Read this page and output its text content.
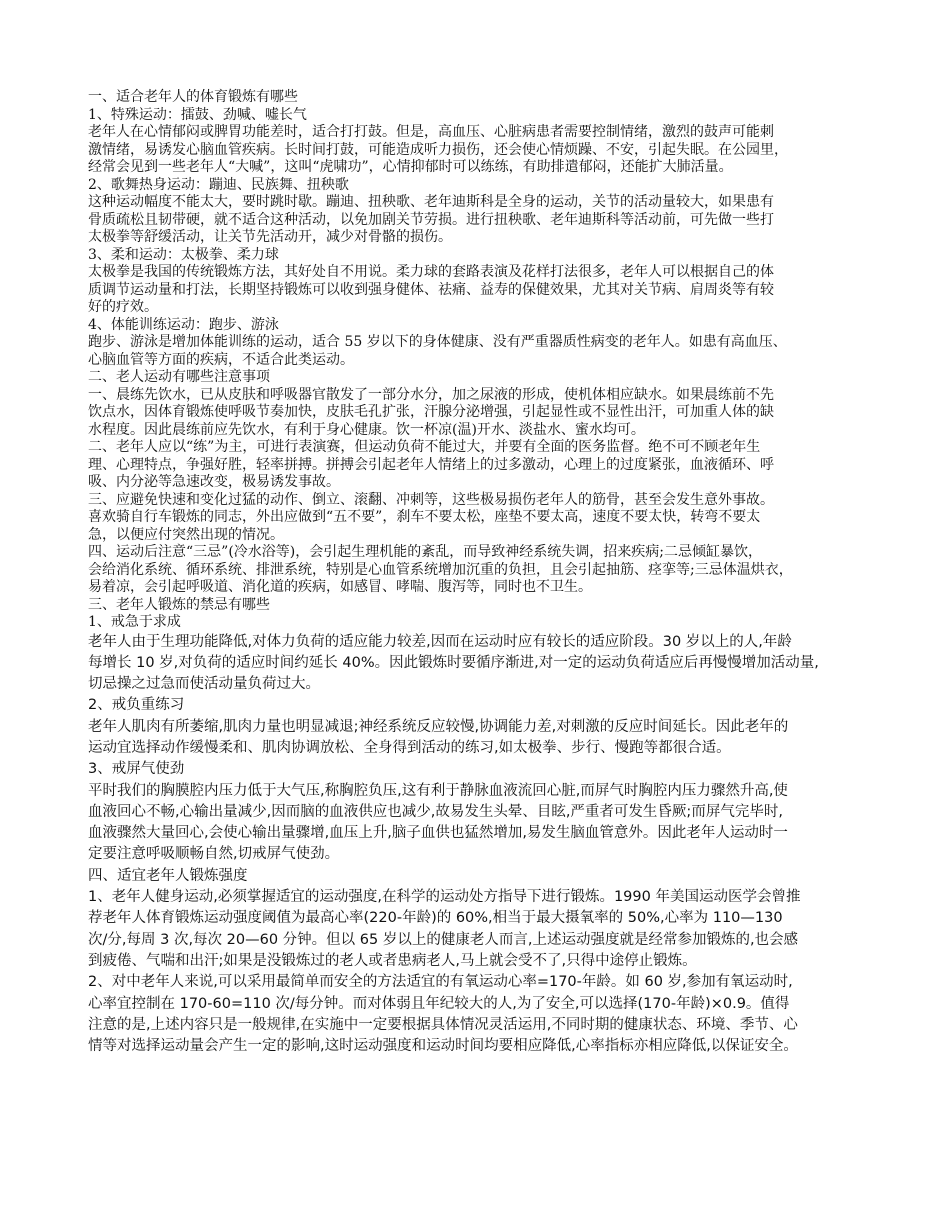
一、适合老年人的体育锻炼有哪些
1、特殊运动：擂鼓、劲喊、嘘长气
老年人在心情郁闷或脾胃功能差时，适合打打鼓。但是，高血压、心脏病患者需要控制情绪，激烈的鼓声可能刺
激情绪，易诱发心脑血管疾病。长时间打鼓，可能造成听力损伤，还会使心情烦躁、不安，引起失眠。在公园里，
经常会见到一些老年人“大喊”，这叫“虎啸功”，心情抑郁时可以练练，有助排遣郁闷，还能扩大肺活量。
2、歌舞热身运动：蹦迪、民族舞、扭秧歌
这种运动幅度不能太大，要时跳时歇。蹦迪、扭秧歌、老年迪斯科是全身的运动，关节的活动量较大，如果患有
骨质疏松且韧带硬，就不适合这种活动，以免加剧关节劳损。进行扭秧歌、老年迪斯科等活动前，可先做一些打
太极拳等舒缓活动，让关节先活动开，减少对骨骼的损伤。
3、柔和运动：太极拳、柔力球
太极拳是我国的传统锻炼方法，其好处自不用说。柔力球的套路表演及花样打法很多，老年人可以根据自己的体
质调节运动量和打法，长期坚持锻炼可以收到强身健体、祛痛、益寿的保健效果，尤其对关节病、肩周炎等有较
好的疗效。
4、体能训练运动：跑步、游泳
跑步、游泳是增加体能训练的运动，适合 55 岁以下的身体健康、没有严重器质性病变的老年人。如患有高血压、
心脑血管等方面的疾病，不适合此类运动。
二、老人运动有哪些注意事项
一、晨练先饮水，已从皮肤和呼吸器官散发了一部分水分，加之尿液的形成，使机体相应缺水。如果晨练前不先
饮点水，因体育锻炼使呼吸节奏加快，皮肤毛孔扩张，汗腺分泌增强，引起显性或不显性出汗，可加重人体的缺
水程度。因此晨练前应先饮水，有利于身心健康。饮一杯凉(温)开水、淡盐水、蜜水均可。
二、老年人应以“练”为主，可进行表演赛，但运动负荷不能过大，并要有全面的医务监督。绝不可不顾老年生
理、心理特点，争强好胜，轻率拼搏。拼搏会引起老年人情绪上的过多激动，心理上的过度紧张，血液循环、呼
吸、内分泌等急速改变，极易诱发事故。
三、应避免快速和变化过猛的动作、倒立、滚翻、冲刺等，这些极易损伤老年人的筋骨，甚至会发生意外事故。
喜欢骑自行车锻炼的同志，外出应做到“五不要”，刹车不要太松，座垫不要太高，速度不要太快，转弯不要太
急，以便应付突然出现的情况。
四、运动后注意“三忌”(冷水浴等)，会引起生理机能的紊乱，而导致神经系统失调，招来疾病;二忌倾缸暴饮，
会给消化系统、循环系统、排泄系统，特别是心血管系统增加沉重的负担，且会引起抽筋、痉挛等;三忌体温烘衣，
易着凉，会引起呼吸道、消化道的疾病，如感冒、哮喘、腹泻等，同时也不卫生。
三、老年人锻炼的禁忌有哪些
1、戒急于求成
老年人由于生理功能降低,对体力负荷的适应能力较差,因而在运动时应有较长的适应阶段。30 岁以上的人,年龄
每增长 10 岁,对负荷的适应时间约延长 40%。因此锻炼时要循序渐进,对一定的运动负荷适应后再慢慢增加活动量,
切忌操之过急而使活动量负荷过大。
2、戒负重练习
老年人肌肉有所萎缩,肌肉力量也明显减退;神经系统反应较慢,协调能力差,对刺激的反应时间延长。因此老年的
运动宜选择动作缓慢柔和、肌肉协调放松、全身得到活动的练习,如太极拳、步行、慢跑等都很合适。
3、戒屏气使劲
平时我们的胸膜腔内压力低于大气压,称胸腔负压,这有利于静脉血液流回心脏,而屏气时胸腔内压力骤然升高,使
血液回心不畅,心输出量减少,因而脑的血液供应也减少,故易发生头晕、目眩,严重者可发生昏厥;而屏气完毕时,
血液骤然大量回心,会使心输出量骤增,血压上升,脑子血供也猛然增加,易发生脑血管意外。因此老年人运动时一
定要注意呼吸顺畅自然,切戒屏气使劲。
四、适宜老年人锻炼强度
1、老年人健身运动,必须掌握适宜的运动强度,在科学的运动处方指导下进行锻炼。1990 年美国运动医学会曾推
荐老年人体育锻炼运动强度阈值为最高心率(220-年龄)的 60%,相当于最大摄氧率的 50%,心率为 110—130
次/分,每周 3 次,每次 20—60 分钟。但以 65 岁以上的健康老人而言,上述运动强度就是经常参加锻炼的,也会感
到疲倦、气喘和出汗;如果是没锻炼过的老人或者患病老人,马上就会受不了,只得中途停止锻炼。
2、对中老年人来说,可以采用最简单而安全的方法适宜的有氧运动心率=170-年龄。如 60 岁,参加有氧运动时,
心率宜控制在 170-60=110 次/每分钟。而对体弱且年纪较大的人,为了安全,可以选择(170-年龄)×0.9。值得
注意的是,上述内容只是一般规律,在实施中一定要根据具体情况灵活运用,不同时期的健康状态、环境、季节、心
情等对选择运动量会产生一定的影响,这时运动强度和运动时间均要相应降低,心率指标亦相应降低,以保证安全。
